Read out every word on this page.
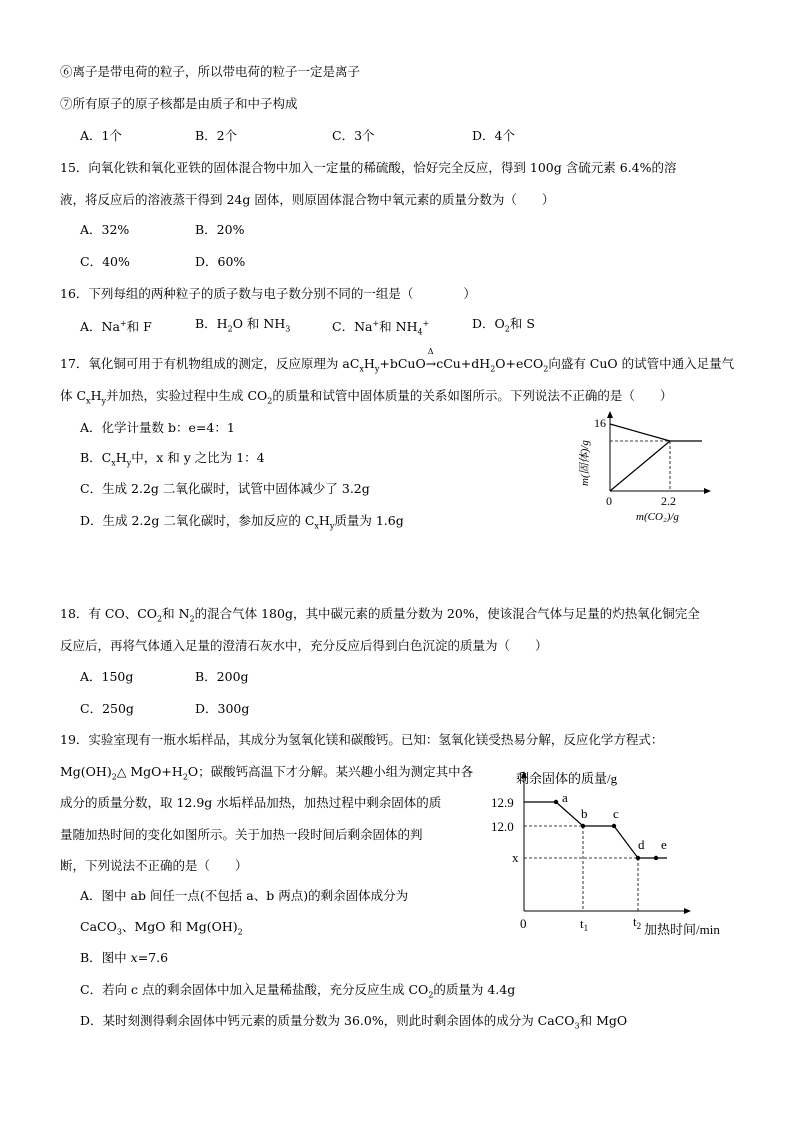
⑥离子是带电荷的粒子，所以带电荷的粒子一定是离子
⑦所有原子的原子核都是由质子和中子构成
A．1个	B．2个	C．3个	D．4个
15．向氧化铁和氧化亚铁的固体混合物中加入一定量的稀硫酸，恰好完全反应，得到 100g 含硫元素 6.4%的溶
液，将反应后的溶液蒸干得到 24g 固体，则原固体混合物中氧元素的质量分数为（　　）
A．32%	B．20%
C．40%	D．60%
16．下列每组的两种粒子的质子数与电子数分别不同的一组是（　　　　）
A．Na+和 F	B．$H_2O$ 和 $NH_3$	C．Na+和 $NH_4^+$	D．$O_2$和 S
17．氧化铜可用于有机物组成的测定，反应原理为 $aC_xH_y+bCuO$
Δ
$\to cCu+dH_2O+eCO_2$向盛有 CuO 的试管中通入足量气
体 $C_xH_y$并加热，实验过程中生成 $CO_2$的质量和试管中固体质量的关系如图所示。下列说法不正确的是（　　）
A．化学计量数 b：e=4：1
B．$C_xH_y$中，x 和 y 之比为 1：4
C．生成 2.2g 二氧化碳时，试管中固体减少了 3.2g
D．生成 2.2g 二氧化碳时，参加反应的 $C_xH_y$质量为 1.6g
16
2.2
0
m(固体)/g
m(CO₂)/g
18．有 CO、$CO_2$和 $N_2$的混合气体 180g，其中碳元素的质量分数为 20%，使该混合气体与足量的灼热氧化铜完全
反应后，再将气体通入足量的澄清石灰水中，充分反应后得到白色沉淀的质量为（　　）
A．150g	B．200g
C．250g	D．300g
19．实验室现有一瓶水垢样品，其成分为氢氧化镁和碳酸钙。已知：氢氧化镁受热易分解，反应化学方程式：
$Mg(OH)_2\triangle$ $MgO+H_2O$；碳酸钙高温下才分解。某兴趣小组为测定其中各
成分的质量分数，取 12.9g 水垢样品加热，加热过程中剩余固体的质
量随加热时间的变化如图所示。关于加热一段时间后剩余固体的判
断，下列说法不正确的是（　　）
A．图中 ab 间任一点(不包括 a、b 两点)的剩余固体成分为
CaCO$_3$、MgO 和 $Mg(OH)_2$
B．图中 x=7.6
C．若向 c 点的剩余固体中加入足量稀盐酸，充分反应生成 $CO_2$的质量为 4.4g
D．某时刻测得剩余固体中钙元素的质量分数为 36.0%，则此时剩余固体的成分为 CaCO$_3$和 MgO
剩余固体的质量/g
a
b c
d e
12.9
12.0
x
0	$t_1$	$t_2$ 加热时间/min
